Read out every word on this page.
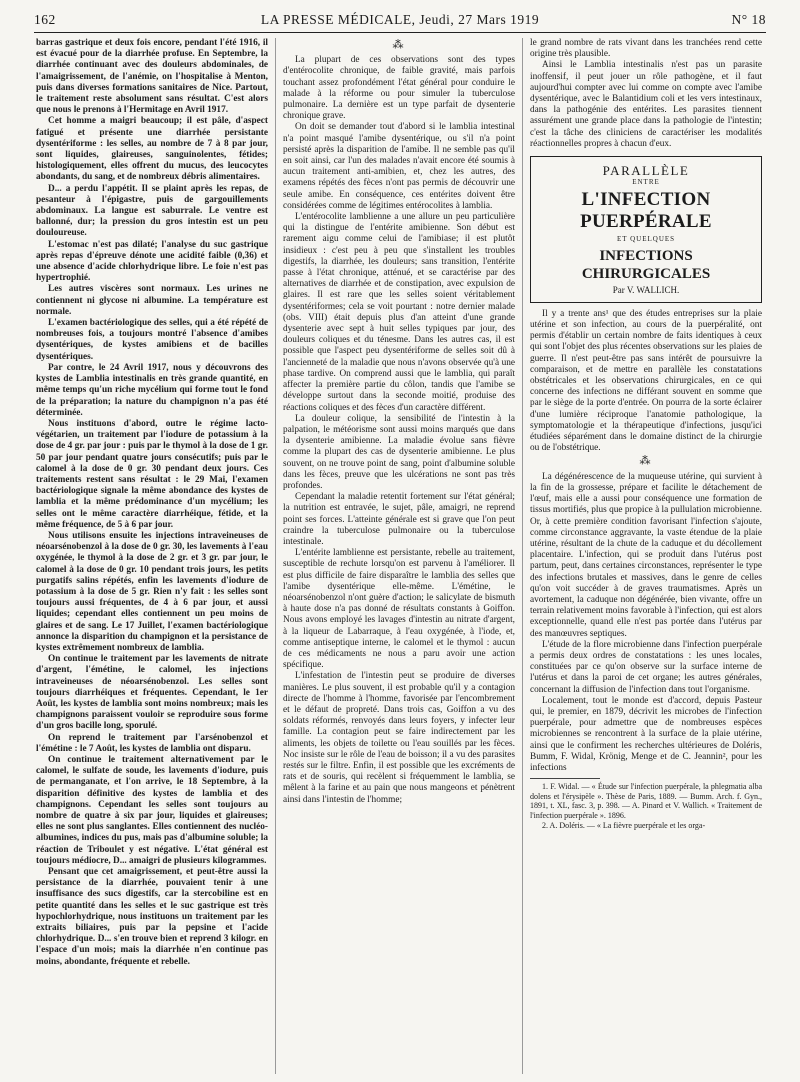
162	LA PRESSE MÉDICALE, Jeudi, 27 Mars 1919	N° 18

barras gastrique et deux fois encore, pendant l'été 1916, il est évacué pour de la diarrhée profuse. En Septembre, la diarrhée continuant avec des douleurs abdominales, de l'amaigrissement, de l'anémie, on l'hospitalise à Menton, puis dans diverses formations sanitaires de Nice. Partout, le traitement reste absolument sans résultat. C'est alors que nous le prenons à l'Hermitage en Avril 1917.

Cet homme a maigri beaucoup; il est pâle, d'aspect fatigué et présente une diarrhée persistante dysentériforme : les selles, au nombre de 7 à 8 par jour, sont liquides, glaireuses, sanguinolentes, fétides; histologiquement, elles offrent du mucus, des leucocytes abondants, du sang, et de nombreux débris alimentaires.

D... a perdu l'appétit. Il se plaint après les repas, de pesanteur à l'épigastre, puis de gargouillements abdominaux. La langue est saburrale. Le ventre est ballonné, dur; la pression du gros intestin est un peu douloureuse.

L'estomac n'est pas dilaté; l'analyse du suc gastrique après repas d'épreuve dénote une acidité faible (0,36) et une absence d'acide chlorhydrique libre. Le foie n'est pas hypertrophié.

Les autres viscères sont normaux. Les urines ne contiennent ni glycose ni albumine. La température est normale.

L'examen bactériologique des selles, qui a été répété de nombreuses fois, a toujours montré l'absence d'amibes dysentériques, de kystes amibiens et de bacilles dysentériques.

Par contre, le 24 Avril 1917, nous y découvrons des kystes de Lamblia intestinalis en très grande quantité, en même temps qu'un riche mycélium qui forme tout le fond de la préparation; la nature du champignon n'a pas été déterminée.

Nous instituons d'abord, outre le régime lacto-végétarien, un traitement par l'iodure de potassium à la dose de 4 gr. par jour : puis par le thymol à la dose de 1 gr. 50 par jour pendant quatre jours consécutifs; puis par le calomel à la dose de 0 gr. 30 pendant deux jours. Ces traitements restent sans résultat : le 29 Mai, l'examen bactériologique signale la même abondance des kystes de lamblia et la même prédominance d'un mycélium; les selles ont le même caractère diarrhéique, fétide, et la même fréquence, de 5 à 6 par jour.

Nous utilisons ensuite les injections intraveineuses de néoarsénobenzol à la dose de 0 gr. 30, les lavements à l'eau oxygénée, le thymol à la dose de 2 gr. et 3 gr. par jour, le calomel à la dose de 0 gr. 10 pendant trois jours, les petits purgatifs salins répétés, enfin les lavements d'iodure de potassium à la dose de 5 gr. Rien n'y fait : les selles sont toujours aussi fréquentes, de 4 à 6 par jour, et aussi liquides; cependant elles contiennent un peu moins de glaires et de sang. Le 17 Juillet, l'examen bactériologique annonce la disparition du champignon et la persistance de kystes extrêmement nombreux de lamblia.

On continue le traitement par les lavements de nitrate d'argent, l'émétine, le calomel, les injections intraveineuses de néoarsénobenzol. Les selles sont toujours diarrhéiques et fréquentes. Cependant, le 1er Août, les kystes de lamblia sont moins nombreux; mais les champignons paraissent vouloir se reproduire sous forme d'un gros bacille long, sporulé.

On reprend le traitement par l'arsénobenzol et l'émétine : le 7 Août, les kystes de lamblia ont disparu.

On continue le traitement alternativement par le calomel, le sulfate de soude, les lavements d'iodure, puis de permanganate, et l'on arrive, le 18 Septembre, à la disparition définitive des kystes de lamblia et des champignons. Cependant les selles sont toujours au nombre de quatre à six par jour, liquides et glaireuses; elles ne sont plus sanglantes. Elles contiennent des nucléo-albumines, indices du pus, mais pas d'albumine soluble; la réaction de Triboulet y est négative. L'état général est toujours médiocre, D... amaigri de plusieurs kilogrammes.

Pensant que cet amaigrissement, et peut-être aussi la persistance de la diarrhée, pouvaient tenir à une insuffisance des sucs digestifs, car la stercobiline est en petite quantité dans les selles et le suc gastrique est très hypochlorhydrique, nous instituons un traitement par les extraits biliaires, puis par la pepsine et l'acide chlorhydrique. D... s'en trouve bien et reprend 3 kilogr. en l'espace d'un mois; mais la diarrhée n'en continue pas moins, abondante, fréquente et rebelle.

⁂

La plupart de ces observations sont des types d'entérocolite chronique, de faible gravité, mais parfois touchant assez profondément l'état général pour conduire le malade à la réforme ou pour simuler la tuberculose pulmonaire. La dernière est un type parfait de dysenterie chronique grave.

On doit se demander tout d'abord si le lamblia intestinal n'a point masqué l'amibe dysentérique, ou s'il n'a point persisté après la disparition de l'amibe. Il ne semble pas qu'il en soit ainsi, car l'un des malades n'avait encore été soumis à aucun traitement anti-amibien, et, chez les autres, des examens répétés des fèces n'ont pas permis de découvrir une seule amibe. En conséquence, ces entérites doivent être considérées comme de légitimes entérocolites à lamblia.

L'entérocolite lamblienne a une allure un peu particulière qui la distingue de l'entérite amibienne. Son début est rarement aigu comme celui de l'amibiase; il est plutôt insidieux : c'est peu à peu que s'installent les troubles digestifs, la diarrhée, les douleurs; sans transition, l'entérite passe à l'état chronique, atténué, et se caractérise par des alternatives de diarrhée et de constipation, avec expulsion de glaires. Il est rare que les selles soient véritablement dysentériformes; cela se voit pourtant : notre dernier malade (obs. VIII) était depuis plus d'an atteint d'une grande dysenterie avec sept à huit selles typiques par jour, des douleurs coliques et du ténesme. Dans les autres cas, il est possible que l'aspect peu dysentériforme de selles soit dû à l'ancienneté de la maladie que nous n'avons observée qu'à une phase tardive. On comprend aussi que le lamblia, qui paraît affecter la première partie du côlon, tandis que l'amibe se développe surtout dans la seconde moitié, produise des réactions coliques et des fèces d'un caractère différent.

La douleur colique, la sensibilité de l'intestin à la palpation, le météorisme sont aussi moins marqués que dans la dysenterie amibienne. La maladie évolue sans fièvre comme la plupart des cas de dysenterie amibienne. Le plus souvent, on ne trouve point de sang, point d'albumine soluble dans les fèces, preuve que les ulcérations ne sont pas très profondes.

Cependant la maladie retentit fortement sur l'état général; la nutrition est entravée, le sujet, pâle, amaigri, ne reprend point ses forces. L'atteinte générale est si grave que l'on peut craindre la tuberculose pulmonaire ou la tuberculose intestinale.

L'entérite lamblienne est persistante, rebelle au traitement, susceptible de rechute lorsqu'on est parvenu à l'améliorer. Il est plus difficile de faire disparaître le lamblia des selles que l'amibe dysentérique elle-même. L'émétine, le néoarsénobenzol n'ont guère d'action; le salicylate de bismuth à haute dose n'a pas donné de résultats constants à Goiffon. Nous avons employé les lavages d'intestin au nitrate d'argent, à la liqueur de Labarraque, à l'eau oxygénée, à l'iode, et, comme antiseptique interne, le calomel et le thymol : aucun de ces médicaments ne nous a paru avoir une action spécifique.

L'infestation de l'intestin peut se produire de diverses manières. Le plus souvent, il est probable qu'il y a contagion directe de l'homme à l'homme, favorisée par l'encombrement et le défaut de propreté. Dans trois cas, Goiffon a vu des soldats réformés, renvoyés dans leurs foyers, y infecter leur famille. La contagion peut se faire indirectement par les aliments, les objets de toilette ou l'eau souillés par les fèces. Noc insiste sur le rôle de l'eau de boisson; il a vu des parasites restés sur le filtre. Enfin, il est possible que les excréments de rats et de souris, qui recèlent si fréquemment le lamblia, se mêlent à la farine et au pain que nous mangeons et pénètrent ainsi dans l'intestin de l'homme;

le grand nombre de rats vivant dans les tranchées rend cette origine très plausible.

Ainsi le Lamblia intestinalis n'est pas un parasite inoffensif, il peut jouer un rôle pathogène, et il faut aujourd'hui compter avec lui comme on compte avec l'amibe dysentérique, avec le Balantidium coli et les vers intestinaux, dans la pathogénie des entérites. Les parasites tiennent assurément une grande place dans la pathologie de l'intestin; c'est la tâche des cliniciens de caractériser les modalités réactionnelles propres à chacun d'eux.

PARALLÈLE
ENTRE
L'INFECTION PUERPÉRALE
ET QUELQUES
INFECTIONS CHIRURGICALES
Par V. WALLICH.

Il y a trente ans¹ que des études entreprises sur la plaie utérine et son infection, au cours de la puerpéralité, ont permis d'établir un certain nombre de faits identiques à ceux qui sont l'objet des plus récentes observations sur les plaies de guerre. Il n'est peut-être pas sans intérêt de poursuivre la comparaison, et de mettre en parallèle les constatations obstétricales et les observations chirurgicales, en ce qui concerne des infections ne différant souvent en somme que par le siège de la porte d'entrée. On pourra de la sorte éclairer d'une lumière réciproque l'anatomie pathologique, la symptomatologie et la thérapeutique d'infections, jusqu'ici étudiées séparément dans le domaine distinct de la chirurgie ou de l'obstétrique.

⁂

La dégénérescence de la muqueuse utérine, qui survient à la fin de la grossesse, prépare et facilite le détachement de l'œuf, mais elle a aussi pour conséquence une formation de tissus mortifiés, plus que propice à la pullulation microbienne. Or, à cette première condition favorisant l'infection s'ajoute, comme circonstance aggravante, la vaste étendue de la plaie utérine, résultant de la chute de la caduque et du décollement placentaire. L'infection, qui se produit dans l'utérus post partum, peut, dans certaines circonstances, représenter le type des infections brutales et massives, dans le genre de celles qu'on voit succéder à de graves traumatismes. Après un avortement, la caduque non dégénérée, bien vivante, offre un terrain relativement moins favorable à l'infection, qui est alors exceptionnelle, quand elle n'est pas portée dans l'utérus par des manœuvres septiques.

L'étude de la flore microbienne dans l'infection puerpérale a permis deux ordres de constatations : les unes locales, constituées par ce qu'on observe sur la surface interne de l'utérus et dans la paroi de cet organe; les autres générales, concernant la diffusion de l'infection dans tout l'organisme.

Localement, tout le monde est d'accord, depuis Pasteur qui, le premier, en 1879, décrivit les microbes de l'infection puerpérale, pour admettre que de nombreuses espèces microbiennes se rencontrent à la surface de la plaie utérine, ainsi que le confirment les recherches ultérieures de Doléris, Bumm, F. Widal, Krönig, Menge et de C. Jeannin², pour les infections

1. F. Widal. — « Étude sur l'infection puerpérale, la phlegmatia alba dolens et l'érysipèle ». Thèse de Paris, 1889. — Bumm. Arch. f. Gyn., 1891, t. XL, fasc. 3, p. 398. — A. Pinard et V. Wallich. « Traitement de l'infection puerpérale ». 1896.

2. A. Doléris. — « La fièvre puerpérale et les orga-
